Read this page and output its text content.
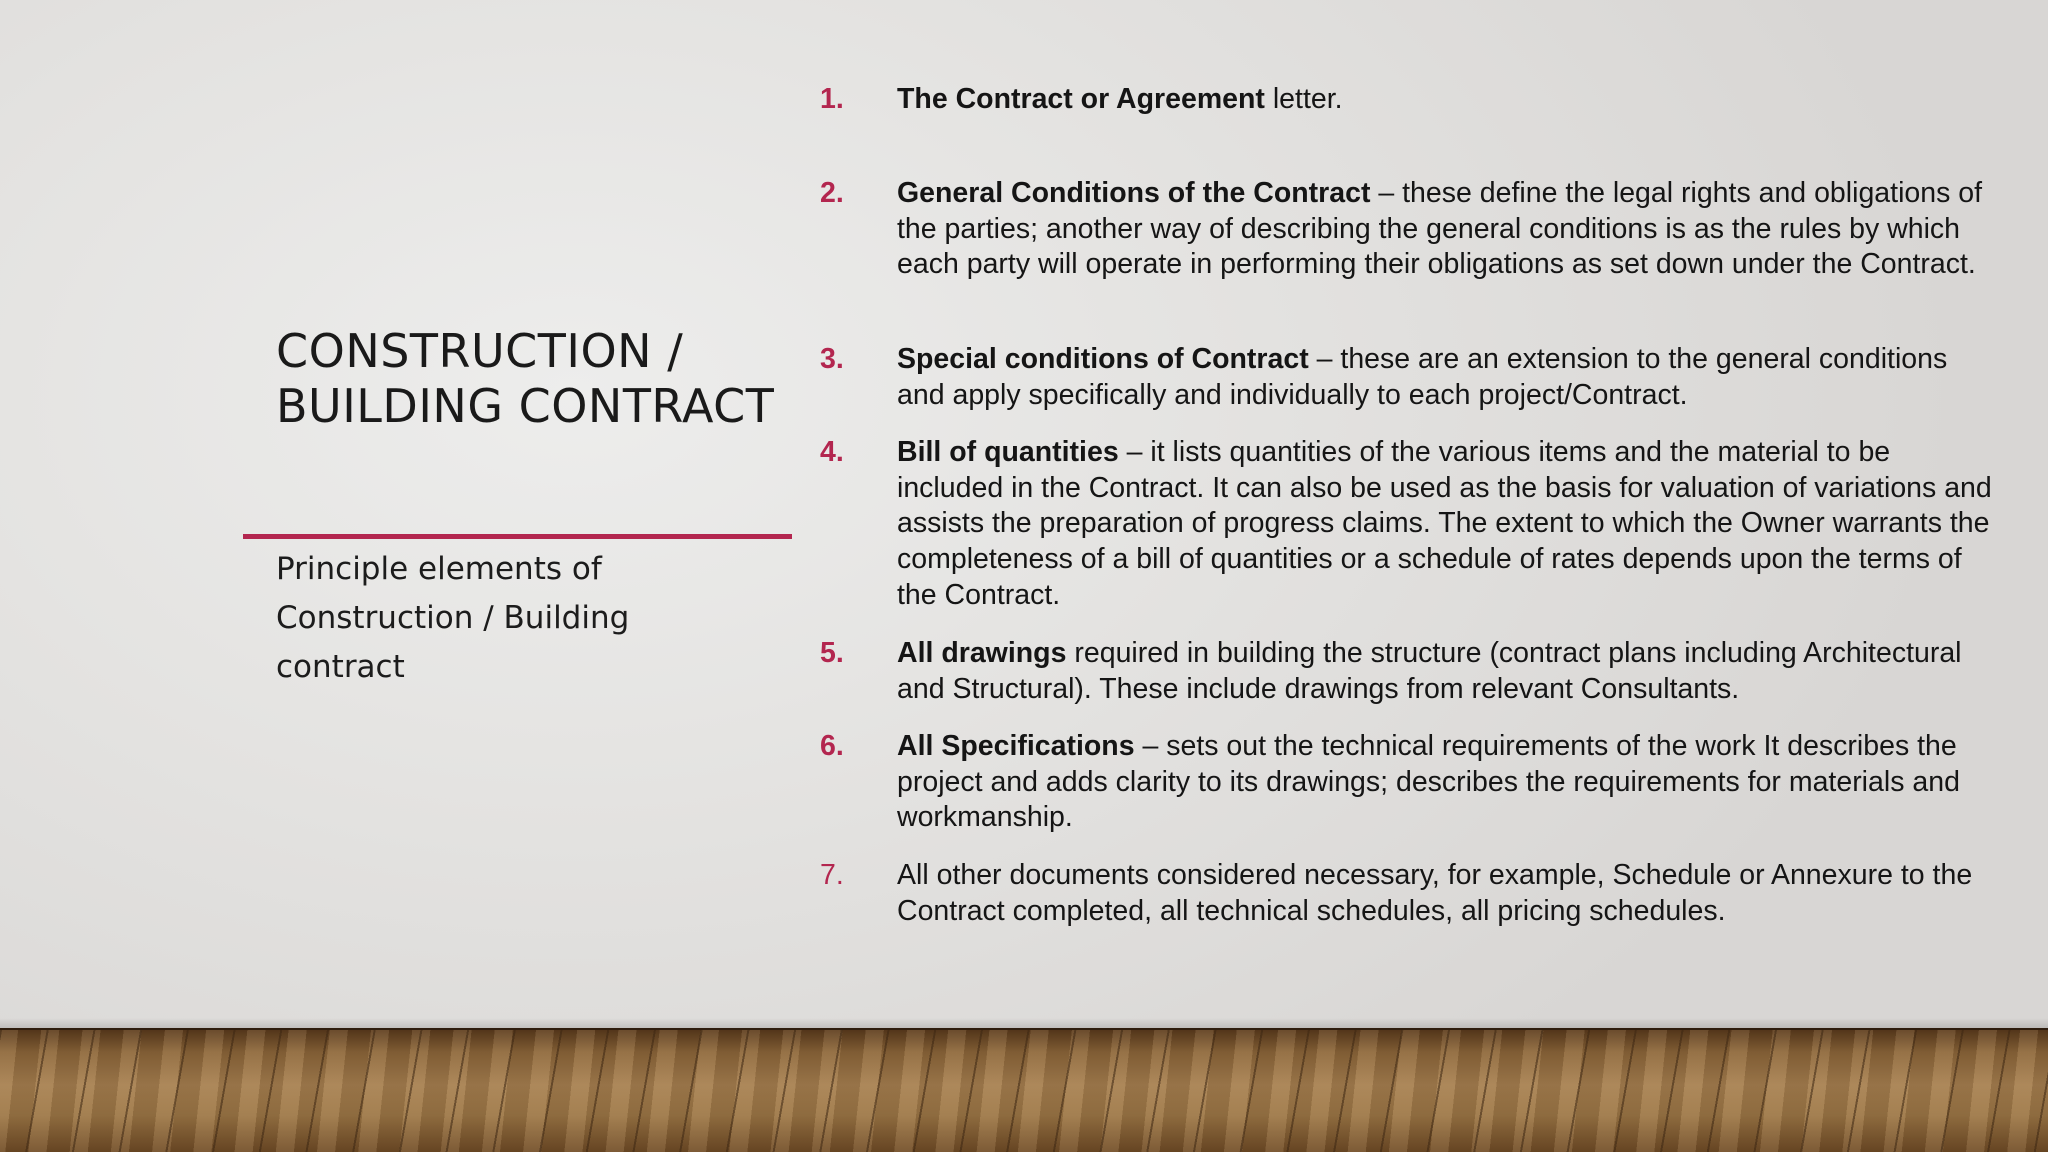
CONSTRUCTION / BUILDING CONTRACT

Principle elements of Construction / Building contract

1.	The Contract or Agreement letter.
2.	General Conditions of the Contract – these define the legal rights and obligations of the parties; another way of describing the general conditions is as the rules by which each party will operate in performing their obligations as set down under the Contract.
3.	Special conditions of Contract – these are an extension to the general conditions and apply specifically and individually to each project/Contract.
4.	Bill of quantities – it lists quantities of the various items and the material to be included in the Contract. It can also be used as the basis for valuation of variations and assists the preparation of progress claims. The extent to which the Owner warrants the completeness of a bill of quantities or a schedule of rates depends upon the terms of the Contract.
5.	All drawings required in building the structure (contract plans including Architectural and Structural). These include drawings from relevant Consultants.
6.	All Specifications – sets out the technical requirements of the work It describes the project and adds clarity to its drawings; describes the requirements for materials and workmanship.
7.	All other documents considered necessary, for example, Schedule or Annexure to the Contract completed, all technical schedules, all pricing schedules.
